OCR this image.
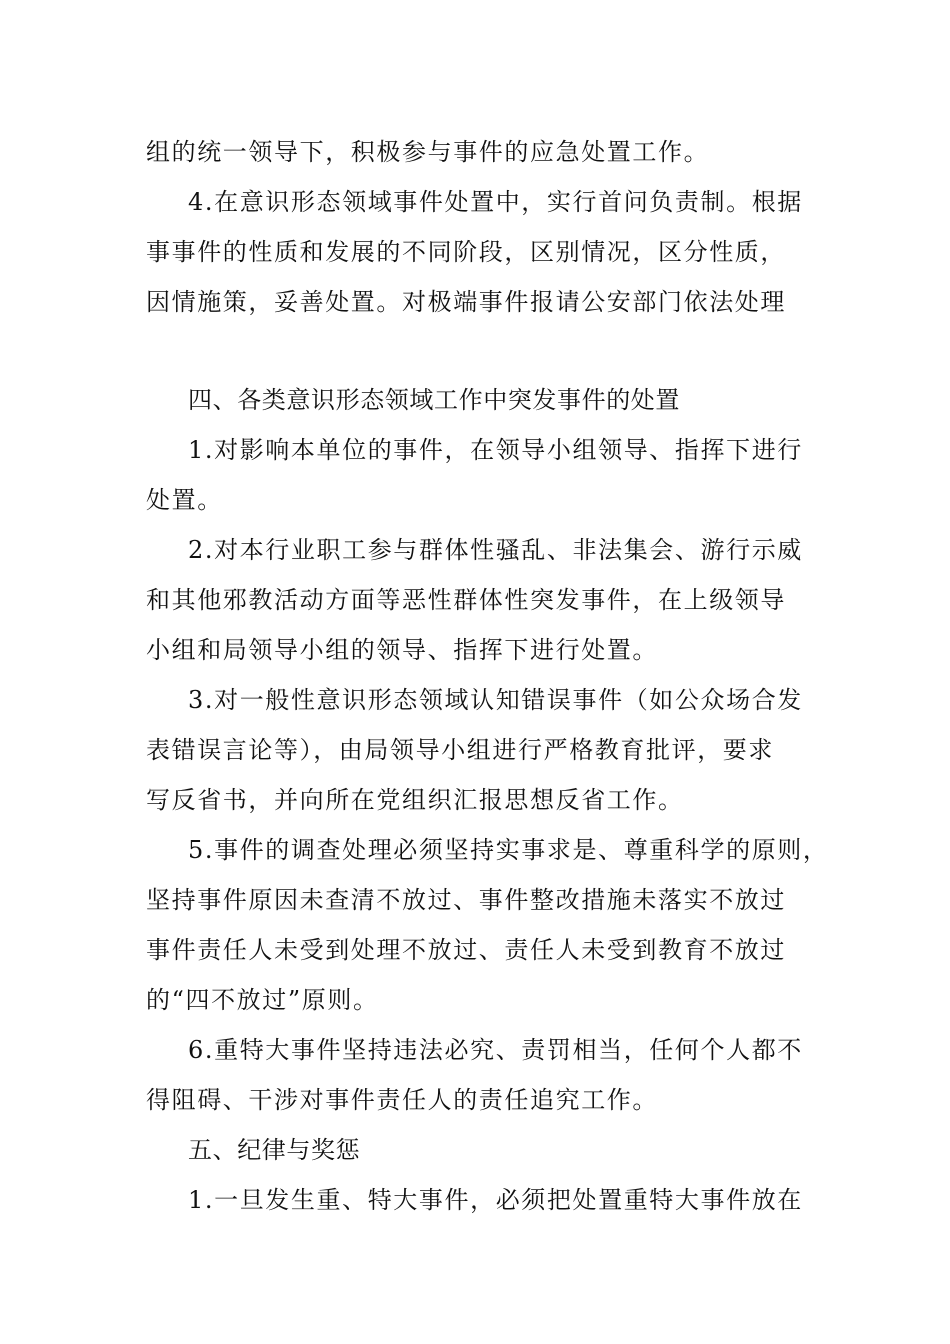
组的统一领导下，积极参与事件的应急处置工作。
4.在意识形态领域事件处置中，实行首问负责制。根据
事事件的性质和发展的不同阶段，区别情况，区分性质，
因情施策，妥善处置。对极端事件报请公安部门依法处理
四、各类意识形态领域工作中突发事件的处置
1.对影响本单位的事件，在领导小组领导、指挥下进行
处置。
2.对本行业职工参与群体性骚乱、非法集会、游行示威
和其他邪教活动方面等恶性群体性突发事件，在上级领导
小组和局领导小组的领导、指挥下进行处置。
3.对一般性意识形态领域认知错误事件（如公众场合发
表错误言论等），由局领导小组进行严格教育批评，要求
写反省书，并向所在党组织汇报思想反省工作。
5.事件的调查处理必须坚持实事求是、尊重科学的原则，
坚持事件原因未查清不放过、事件整改措施未落实不放过
事件责任人未受到处理不放过、责任人未受到教育不放过
的“四不放过”原则。
6.重特大事件坚持违法必究、责罚相当，任何个人都不
得阻碍、干涉对事件责任人的责任追究工作。
五、纪律与奖惩
1.一旦发生重、特大事件，必须把处置重特大事件放在
